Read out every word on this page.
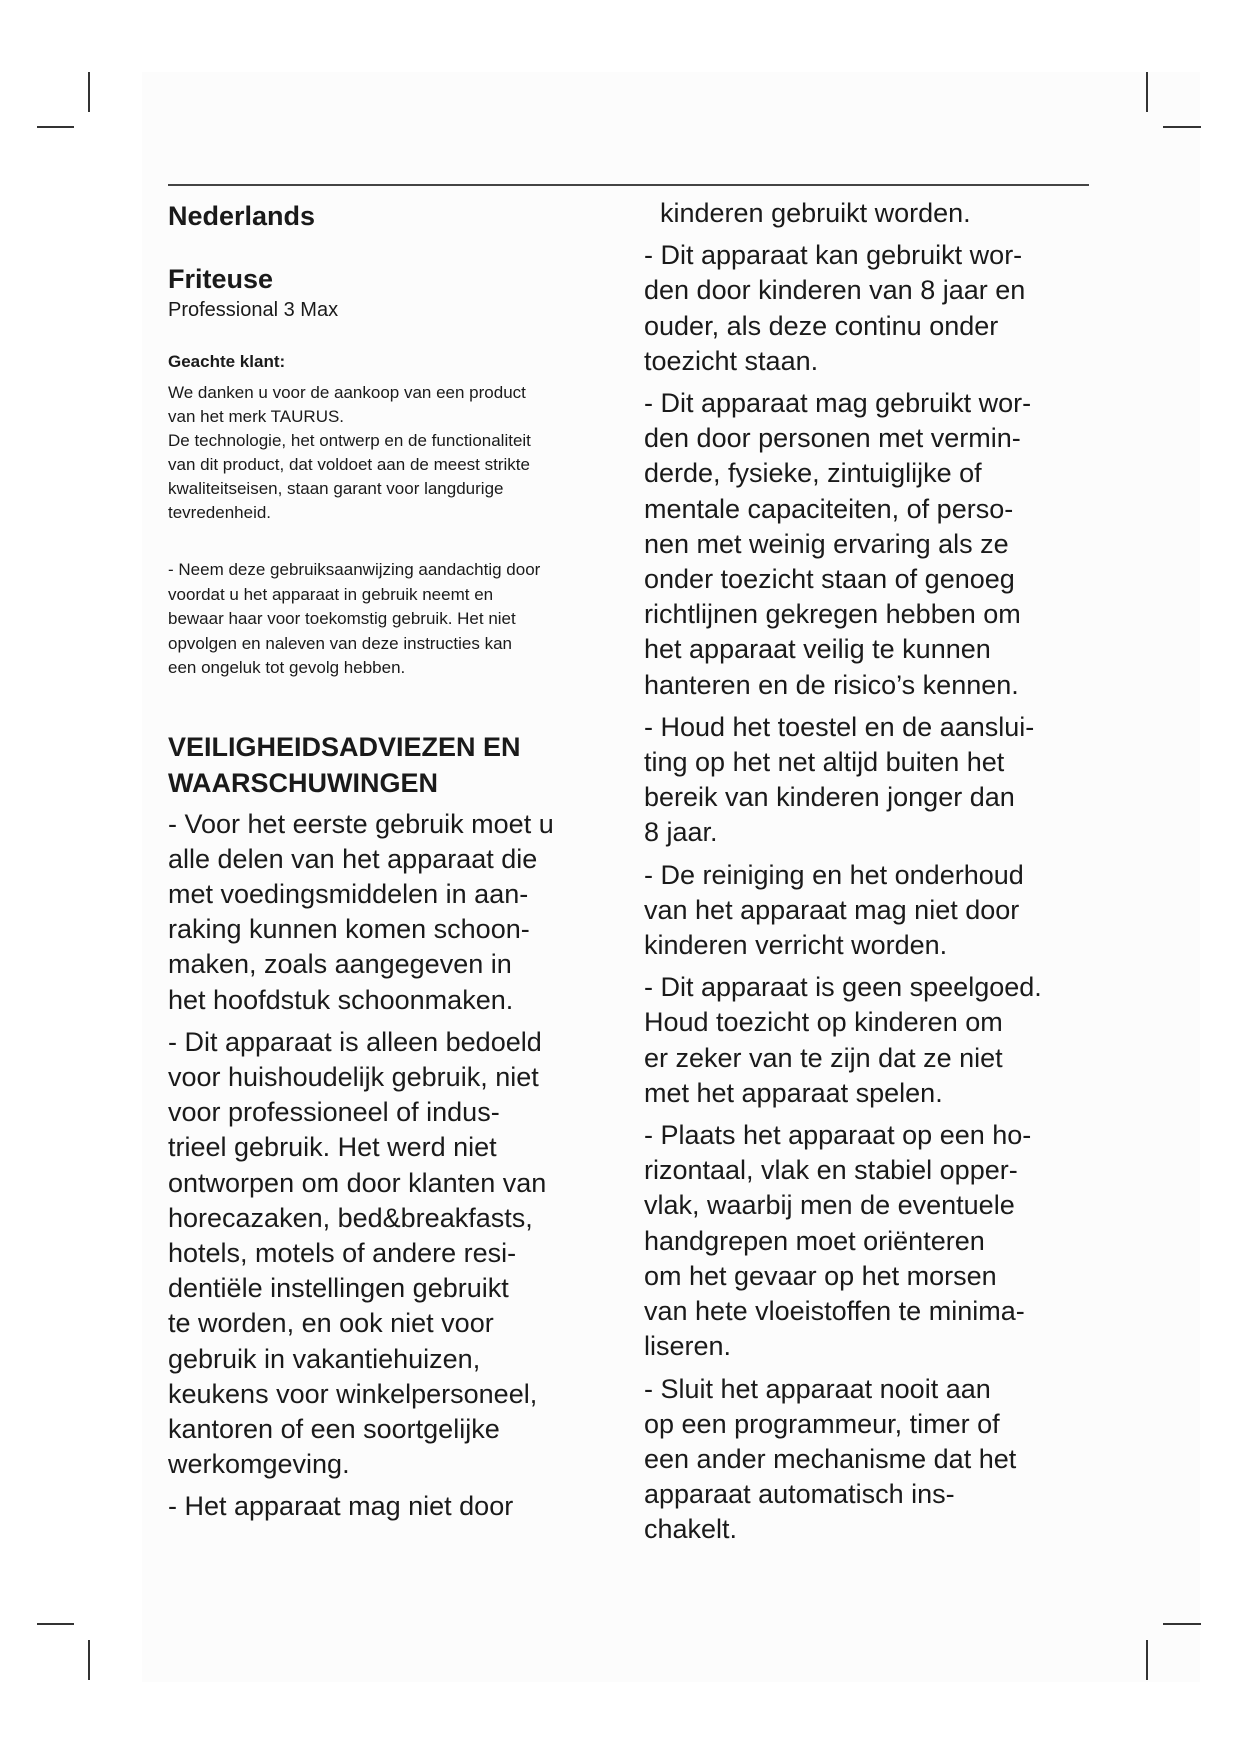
Nederlands

Friteuse

Professional 3 Max

Geachte klant:

We danken u voor de aankoop van een product
van het merk TAURUS.

De technologie, het ontwerp en de functionaliteit
van dit product, dat voldoet aan de meest strikte
kwaliteitseisen, staan garant voor langdurige
tevredenheid.

- Neem deze gebruiksaanwijzing aandachtig door
voordat u het apparaat in gebruik neemt en
bewaar haar voor toekomstig gebruik. Het niet
opvolgen en naleven van deze instructies kan
een ongeluk tot gevolg hebben.

VEILIGHEIDSADVIEZEN EN
WAARSCHUWINGEN

- Voor het eerste gebruik moet u
alle delen van het apparaat die
met voedingsmiddelen in aan-
raking kunnen komen schoon-
maken, zoals aangegeven in
het hoofdstuk schoonmaken.
- Dit apparaat is alleen bedoeld
voor huishoudelijk gebruik, niet
voor professioneel of indus-
trieel gebruik. Het werd niet
ontworpen om door klanten van
horecazaken, bed&breakfasts,
hotels, motels of andere resi-
dentiële instellingen gebruikt
te worden, en ook niet voor
gebruik in vakantiehuizen,
keukens voor winkelpersoneel,
kantoren of een soortgelijke
werkomgeving.
- Het apparaat mag niet door
kinderen gebruikt worden.
- Dit apparaat kan gebruikt wor-
den door kinderen van 8 jaar en
ouder, als deze continu onder
toezicht staan.
- Dit apparaat mag gebruikt wor-
den door personen met vermin-
derde, fysieke, zintuiglijke of
mentale capaciteiten, of perso-
nen met weinig ervaring als ze
onder toezicht staan of genoeg
richtlijnen gekregen hebben om
het apparaat veilig te kunnen
hanteren en de risico’s kennen.
- Houd het toestel en de aanslui-
ting op het net altijd buiten het
bereik van kinderen jonger dan
8 jaar.
- De reiniging en het onderhoud
van het apparaat mag niet door
kinderen verricht worden.
- Dit apparaat is geen speelgoed.
Houd toezicht op kinderen om
er zeker van te zijn dat ze niet
met het apparaat spelen.
- Plaats het apparaat op een ho-
rizontaal, vlak en stabiel opper-
vlak, waarbij men de eventuele
handgrepen moet oriënteren
om het gevaar op het morsen
van hete vloeistoffen te minima-
liseren.
- Sluit het apparaat nooit aan
op een programmeur, timer of
een ander mechanisme dat het
apparaat automatisch ins-
chakelt.
